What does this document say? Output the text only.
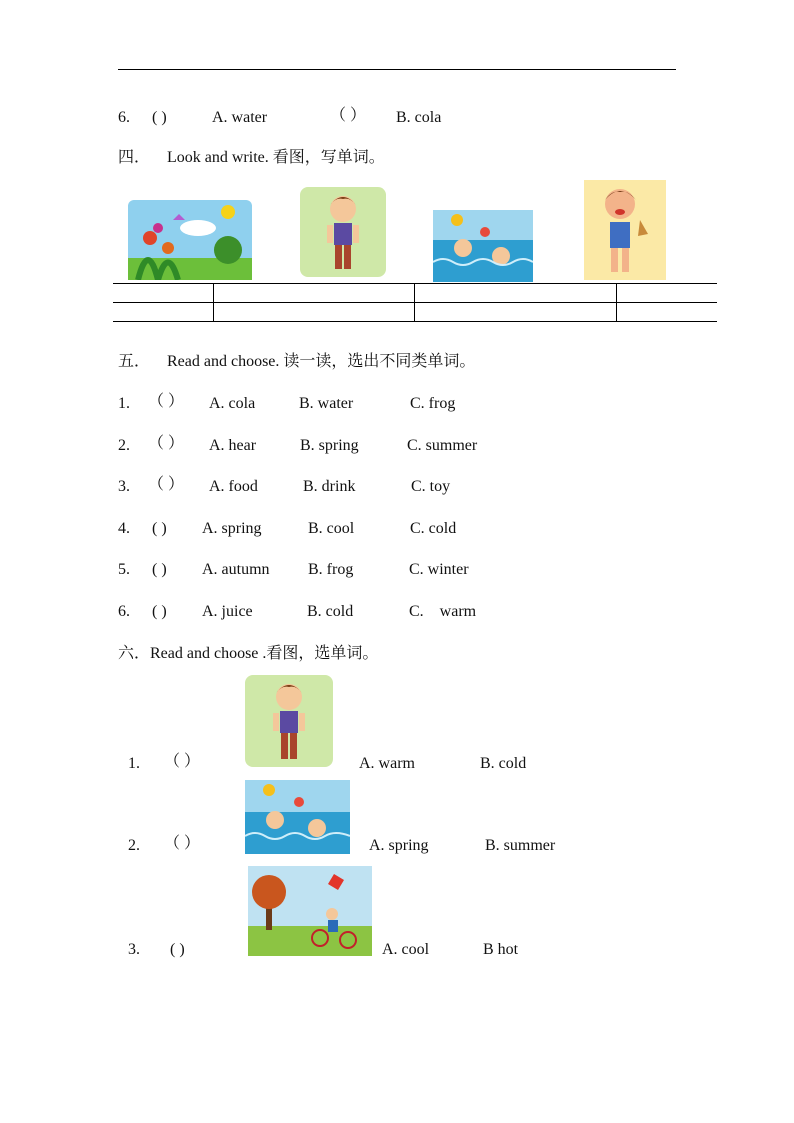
6. ( )	A. water	（ ） B. cola
四． Look and write. 看图，写单词。

五． Read and choose. 读一读，选出不同类单词。
1. （ ） A. cola	B. water	C. frog
2. （ ） A. hear	B. spring	C. summer
3. （ ） A. food	B. drink	C. toy
4. ( ) A. spring	B. cool	C. cold
5. ( ) A. autumn B. frog	C. winter
6. ( ) A. juice	B. cold	C.    warm
六．Read and choose .看图，选单词。
1. （ ）	A. warm	B. cold
2. （ ）	A. spring	B. summer
3. ( )	A. cool	B hot
